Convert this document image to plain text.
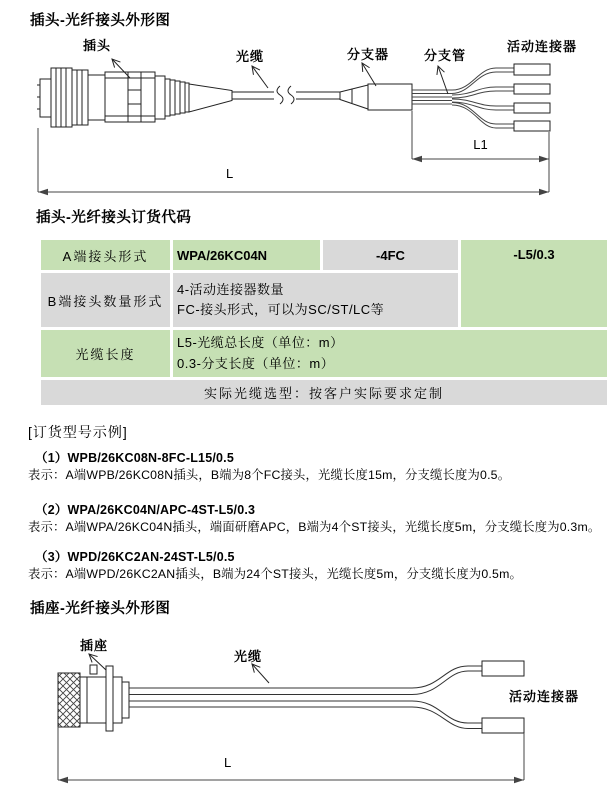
插头-光纤接头外形图
插头
光缆	分支器	分支管
活动连接器
L1
L
插头-光纤接头订货代码
A端接头形式	WPA/26KC04N	-4FC	-L5/0.3
B端接头数量形式	4-活动连接器数量
FC-接头形式，可以为SC/ST/LC等		

光缆长度	L5-光缆总长度（单位：m）
0.3-分支长度（单位：m）		

实际光缆选型：按客户实际要求定制			
[订货型号示例]
（1）WPB/26KC08N-8FC-L15/0.5
表示：A端WPB/26KC08N插头，B端为8个FC接头，光缆长度15m，分支缆长度为0.5。
（2）WPA/26KC04N/APC-4ST-L5/0.3
表示：A端WPA/26KC04N插头，端面研磨APC，B端为4个ST接头，光缆长度5m，分支缆长度为0.3m。
（3）WPD/26KC2AN-24ST-L5/0.5
表示：A端WPD/26KC2AN插头，B端为24个ST接头，光缆长度5m，分支缆长度为0.5m。
插座-光纤接头外形图
插座
光缆
活动连接器
L
